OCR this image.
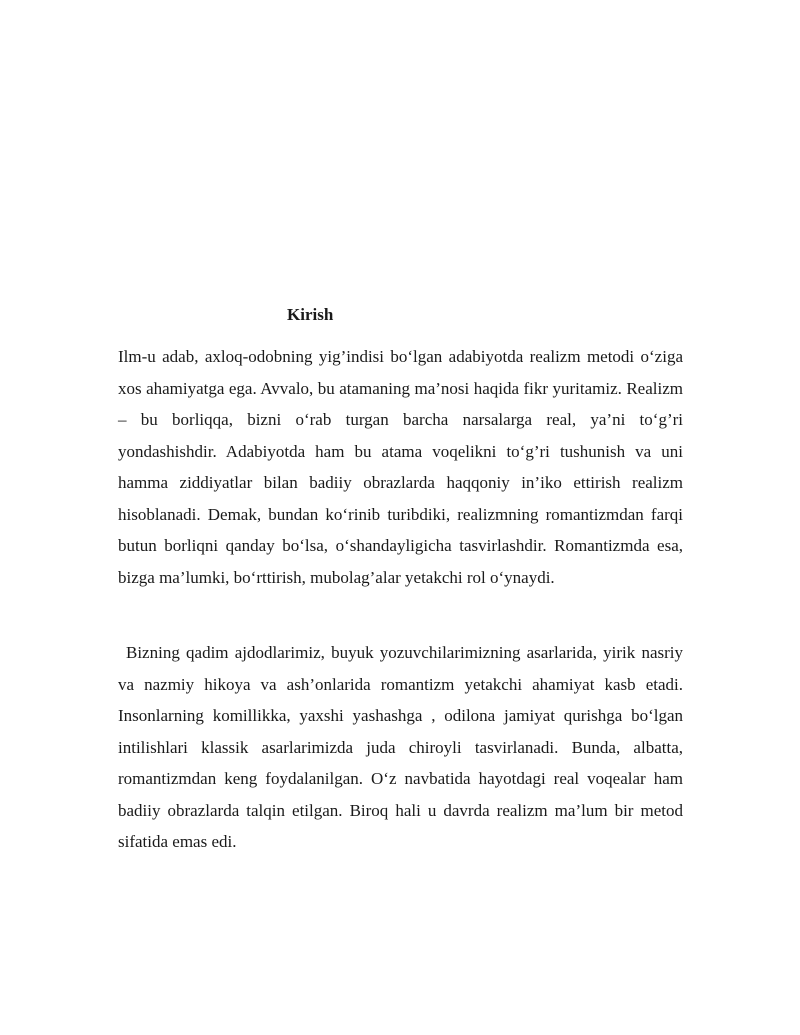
Kirish

Ilm-u adab, axloq-odobning yig’indisi bo‘lgan adabiyotda realizm metodi o‘ziga xos ahamiyatga ega. Avvalo, bu atamaning ma’nosi haqida fikr yuritamiz. Realizm – bu borliqqa, bizni o‘rab turgan barcha narsalarga real, ya’ni to‘g’ri yondashishdir. Adabiyotda ham bu atama voqelikni to‘g’ri tushunish va uni hamma ziddiyatlar bilan badiiy obrazlarda haqqoniy in’iko ettirish realizm hisoblanadi. Demak, bundan ko‘rinib turibdiki, realizmning romantizmdan farqi butun borliqni qanday bo‘lsa, o‘shandayligicha tasvirlashdir. Romantizmda esa, bizga ma’lumki, bo‘rttirish, mubolag’alar yetakchi rol o‘ynaydi.

Bizning qadim ajdodlarimiz, buyuk yozuvchilarimizning asarlarida, yirik nasriy va nazmiy hikoya va ash’onlarida romantizm yetakchi ahamiyat kasb etadi. Insonlarning komillikka, yaxshi yashashga , odilona jamiyat qurishga bo‘lgan intilishlari klassik asarlarimizda juda chiroyli tasvirlanadi. Bunda, albatta, romantizmdan keng foydalanilgan. O‘z navbatida hayotdagi real voqealar ham badiiy obrazlarda talqin etilgan. Biroq hali u davrda realizm ma’lum bir metod sifatida emas edi.
